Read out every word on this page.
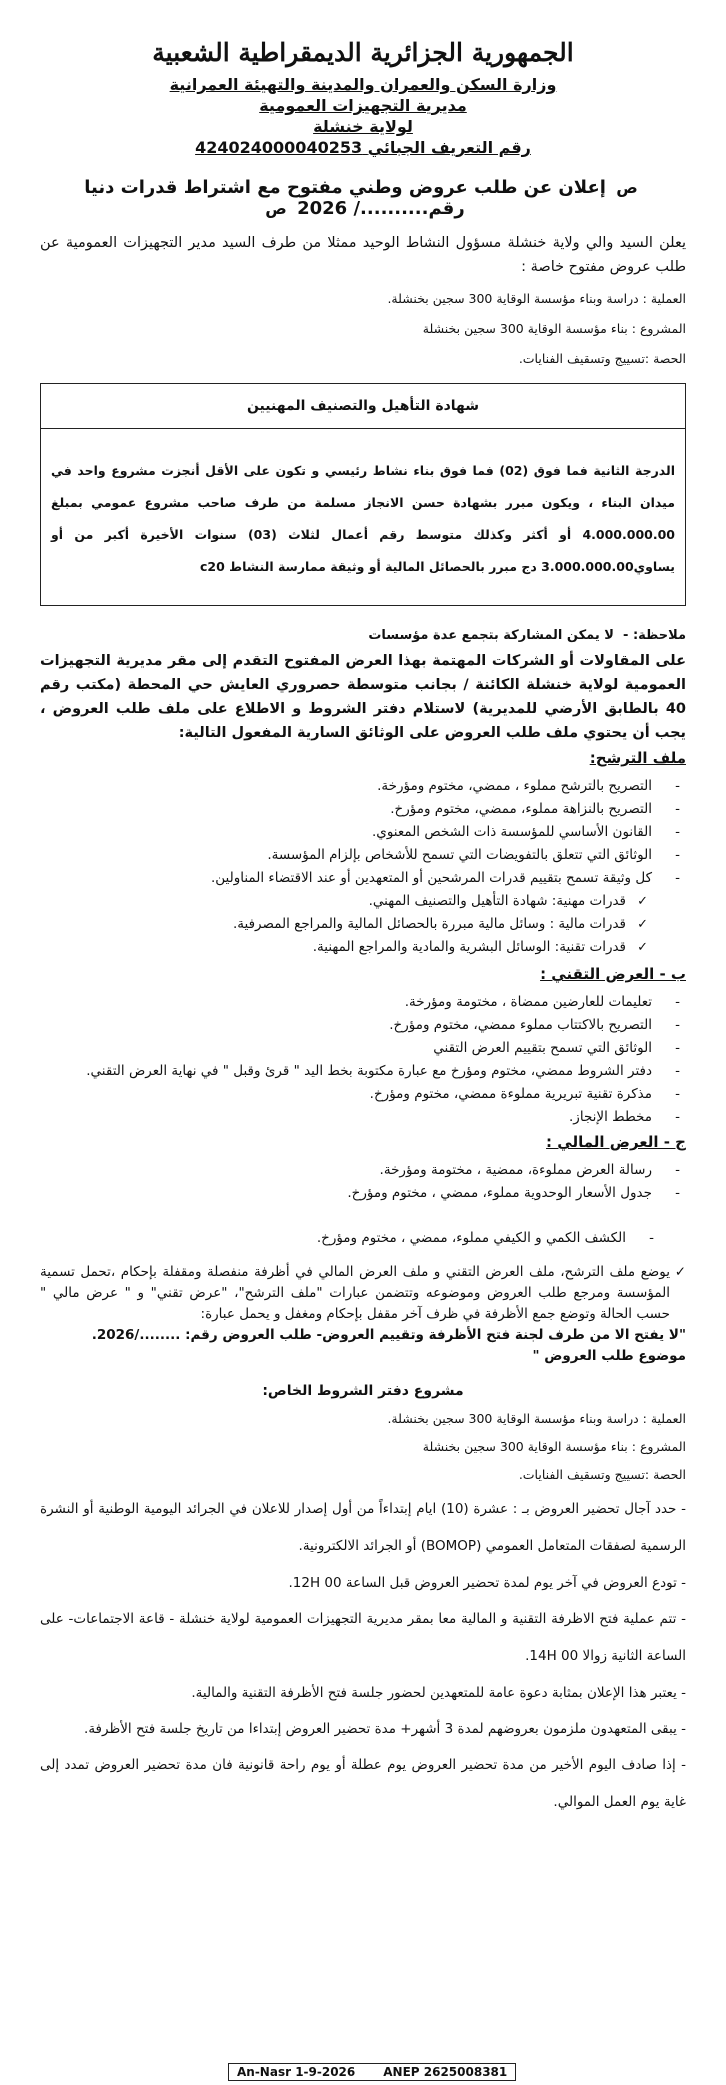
الجمهورية الجزائرية الديمقراطية الشعبية
وزارة السكن والعمران والمدينة والتهيئة العمرانية
مديرية التجهيزات العمومية
لولاية خنشلة
رقم التعريف الجبائي 424024000040253
ص إعلان عن طلب عروض وطني مفتوح مع اشتراط قدرات دنيا رقم........../ 2026 ص

يعلن السيد والي ولاية خنشلة مسؤول النشاط الوحيد ممثلا من طرف السيد مدير التجهيزات العمومية عن طلب عروض مفتوح خاصة :

العملية : دراسة وبناء مؤسسة الوقاية 300 سجين بخنشلة.

المشروع : بناء مؤسسة الوقاية 300 سجين بخنشلة

الحصة :تسييج وتسقيف الفنايات.

شهادة التأهيل والتصنيف المهنيين
الدرجة الثانية فما فوق (02) فما فوق بناء نشاط رئيسي و تكون على الأقل أنجزت مشروع واحد في ميدان البناء ، ويكون مبرر بشهادة حسن الانجاز مسلمة من طرف صاحب مشروع عمومي بمبلغ 4.000.000.00 أو أكثر وكذلك متوسط رقم أعمال لثلاث (03) سنوات الأخيرة أكبر من أو يساوي3.000.000.00 دج مبرر بالحصائل المالية أو وثيقة ممارسة النشاط c20
ملاحظة: -  لا يمكن المشاركة بتجمع عدة مؤسسات

على المقاولات أو الشركات المهتمة بهذا العرض المفتوح التقدم إلى مقر مديرية التجهيزات العمومية لولاية خنشلة الكائنة / بجانب متوسطة حصروري العايش حي المحطة (مكتب رقم 40 بالطابق الأرضي للمديرية) لاستلام دفتر الشروط و الاطلاع على ملف طلب العروض ، يجب أن يحتوي ملف طلب العروض على الوثائق السارية المفعول التالية:

ملف الترشح:
- التصريح بالترشح مملوء ، ممضي، مختوم ومؤرخة.
- التصريح بالنزاهة مملوء، ممضي، مختوم ومؤرخ.
- القانون الأساسي للمؤسسة ذات الشخص المعنوي.
- الوثائق التي تتعلق بالتفويضات التي تسمح للأشخاص بإلزام المؤسسة.
- كل وثيقة تسمح بتقييم قدرات المرشحين أو المتعهدين أو عند الاقتضاء المناولين.
✓ قدرات مهنية: شهادة التأهيل والتصنيف المهني.
✓ قدرات مالية : وسائل مالية مبررة بالحصائل المالية والمراجع المصرفية.
✓ قدرات تقنية: الوسائل البشرية والمادية والمراجع المهنية.
ب - العرض التقني :
- تعليمات للعارضين ممضاة ، مختومة ومؤرخة.
- التصريح بالاكتتاب مملوء ممضي، مختوم ومؤرخ.
- الوثائق التي تسمح بتقييم العرض التقني
- دفتر الشروط ممضي، مختوم ومؤرخ مع عبارة مكتوبة بخط اليد " قرئ وقبل " في نهاية العرض التقني.
- مذكرة تقنية تبريرية مملوءة ممضي، مختوم ومؤرخ.
- مخطط الإنجاز.
ج - العرض المالي :
- رسالة العرض مملوءة، ممضية ، مختومة ومؤرخة.
- جدول الأسعار الوحدوية مملوء، ممضي ، مختوم ومؤرخ.
- الكشف الكمي و الكيفي مملوء، ممضي ، مختوم ومؤرخ.
✓
يوضع ملف الترشح، ملف العرض التقني و ملف العرض المالي في أظرفة منفصلة ومقفلة بإحكام ،تحمل تسمية المؤسسة ومرجع طلب العروض وموضوعه وتتضمن عبارات "ملف الترشح"، "عرض تقني" و " عرض مالي " حسب الحالة وتوضع جمع الأظرفة في ظرف آخر مقفل بإحكام ومغفل و يحمل عبارة:
"لا يفتح الا من طرف لجنة فتح الأظرفة وتقييم العروض- طلب العروض رقم: ......../2026. موضوع طلب العروض "
مشروع دفتر الشروط الخاص:

العملية : دراسة وبناء مؤسسة الوقاية 300 سجين بخنشلة.

المشروع : بناء مؤسسة الوقاية 300 سجين بخنشلة

الحصة :تسييج وتسقيف الفنايات.

- حدد آجال تحضير العروض بـ : عشرة (10) ايام إبتداءاً من أول إصدار للاعلان في الجرائد اليومية الوطنية أو النشرة الرسمية لصفقات المتعامل العمومي (BOMOP) أو الجرائد الالكترونية.

- تودع العروض في آخر يوم لمدة تحضير العروض قبل الساعة 12H 00.

- تتم عملية فتح الاظرفة التقنية و المالية معا بمقر مديرية التجهيزات العمومية لولاية خنشلة - قاعة الاجتماعات- على الساعة الثانية زوالا 14H 00.

- يعتبر هذا الإعلان بمثابة دعوة عامة للمتعهدين لحضور جلسة فتح الأظرفة التقنية والمالية.

- يبقى المتعهدون ملزمون بعروضهم لمدة 3 أشهر+ مدة تحضير العروض إبتداءا من تاريخ جلسة فتح الأظرفة.

- إذا صادف اليوم الأخير من مدة تحضير العروض يوم عطلة أو يوم راحة قانونية فان مدة تحضير العروض تمدد إلى غاية يوم العمل الموالي.

An-Nasr 1-9-2026 ANEP 2625008381
